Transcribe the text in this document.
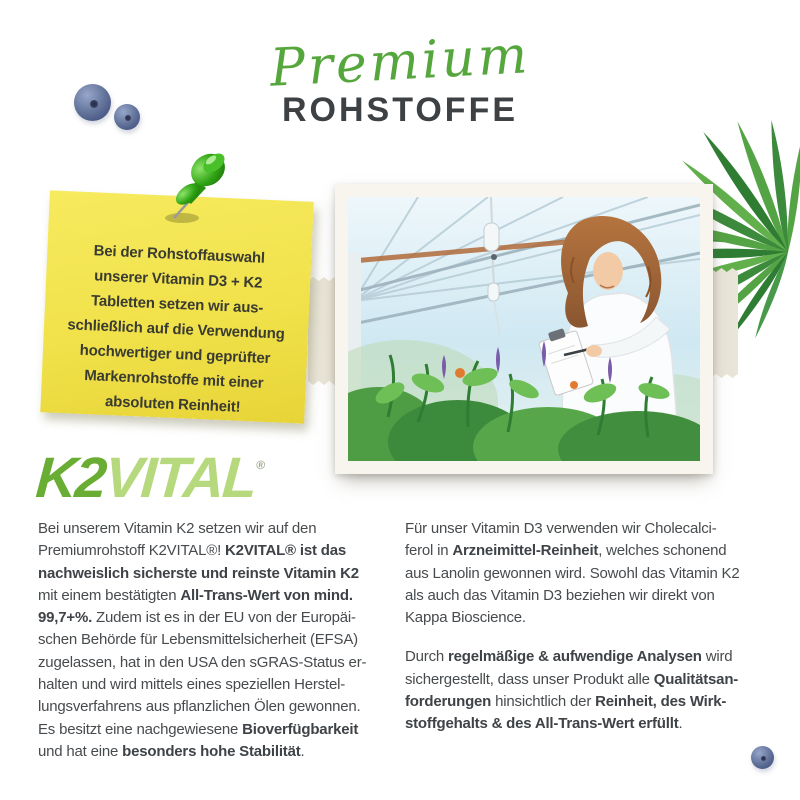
Premium
ROHSTOFFE
Bei der Rohstoffauswahl
unserer Vitamin D3 + K2
Tabletten setzen wir aus-
schließlich auf die Verwendung
hochwertiger und geprüfter
Markenrohstoffe mit einer
absoluten Reinheit!
K2VITAL®
Bei unserem Vitamin K2 setzen wir auf den
Premiumrohstoff K2VITAL®! K2VITAL® ist das
nachweislich sicherste und reinste Vitamin K2
mit einem bestätigten All-Trans-Wert von mind.
99,7+%. Zudem ist es in der EU von der Europäi-
schen Behörde für Lebensmittelsicherheit (EFSA)
zugelassen, hat in den USA den sGRAS-Status er-
halten und wird mittels eines speziellen Herstel-
lungsverfahrens aus pflanzlichen Ölen gewonnen.
Es besitzt eine nachgewiesene Bioverfügbarkeit
und hat eine besonders hohe Stabilität.
Für unser Vitamin D3 verwenden wir Cholecalci-
ferol in Arzneimittel-Reinheit, welches schonend
aus Lanolin gewonnen wird. Sowohl das Vitamin K2
als auch das Vitamin D3 beziehen wir direkt von
Kappa Bioscience.
Durch regelmäßige & aufwendige Analysen wird
sichergestellt, dass unser Produkt alle Qualitätsan-
forderungen hinsichtlich der Reinheit, des Wirk-
stoffgehalts & des All-Trans-Wert erfüllt.
